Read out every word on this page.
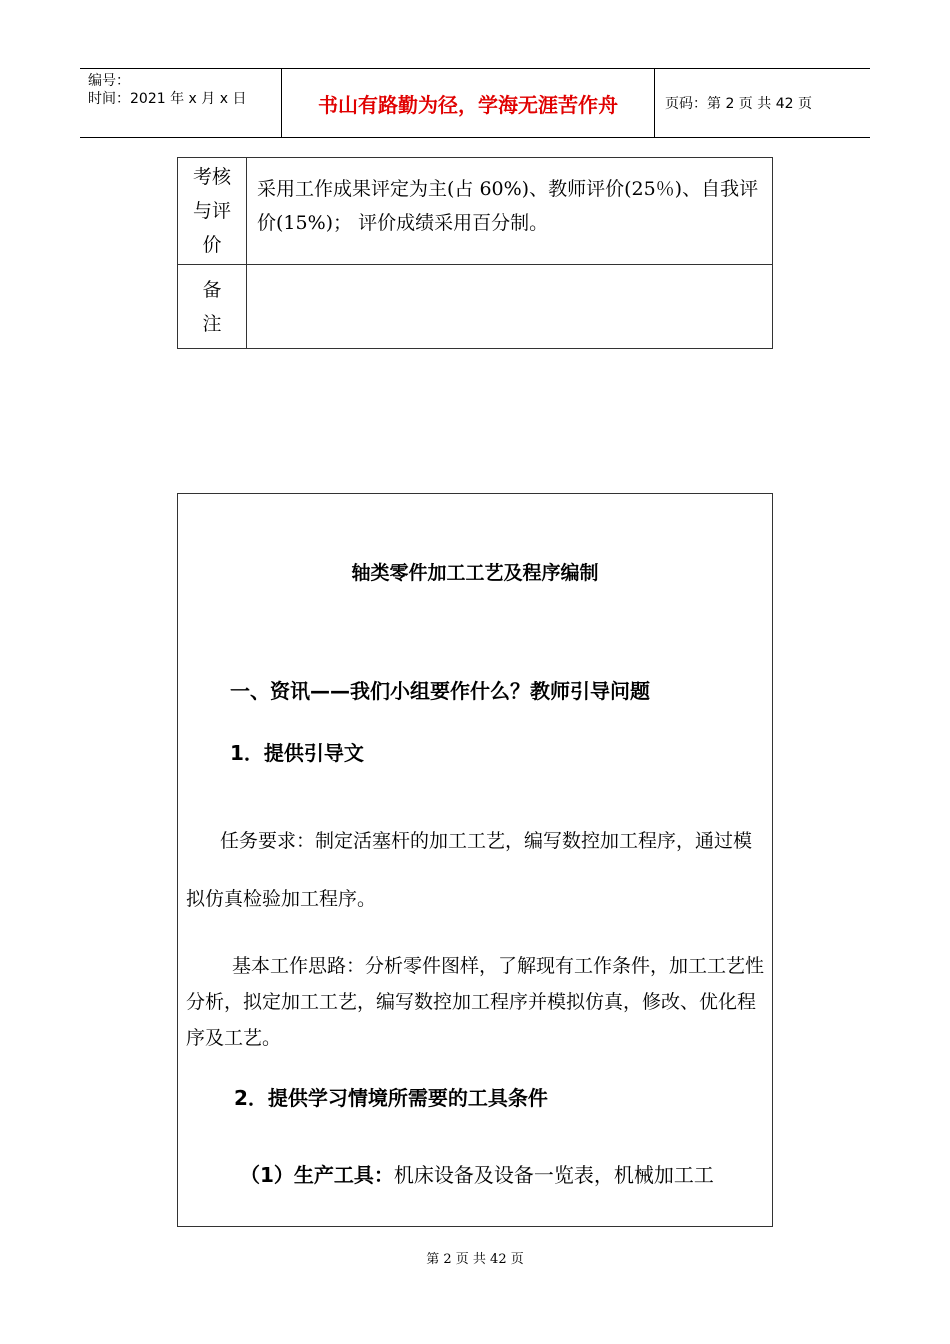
编号：
时间：2021 年 x 月 x 日	书山有路勤为径，学海无涯苦作舟	页码：第 2 页 共 42 页
考核与评价	采用工作成果评定为主(占 60%)、教师评价(25％)、自我评价(15%)； 评价成绩采用百分制。

备注	

轴类零件加工工艺及程序编制
一、资讯——我们小组要作什么？教师引导问题
1．提供引导文
任务要求：制定活塞杆的加工工艺，编写数控加工程序，通过模拟仿真检验加工程序。
基本工作思路：分析零件图样，了解现有工作条件，加工工艺性分析，拟定加工工艺，编写数控加工程序并模拟仿真，修改、优化程序及工艺。
2．提供学习情境所需要的工具条件
（1）生产工具：机床设备及设备一览表，机械加工工
第 2 页 共 42 页
